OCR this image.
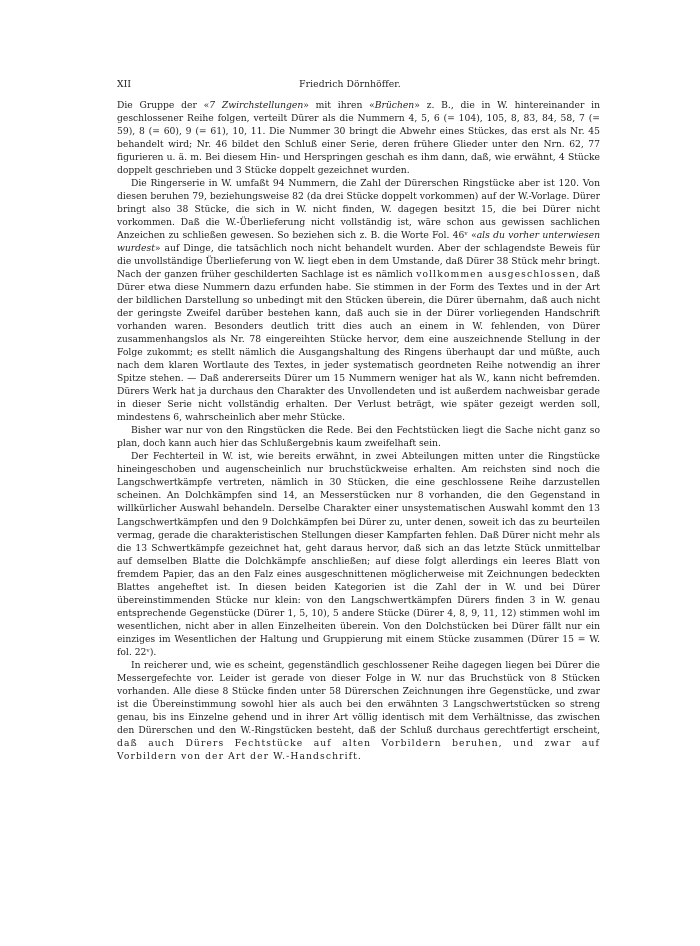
XII	Friedrich Dörnhöffer.

Die Gruppe der «7 Zwirchstellungen» mit ihren «Brüchen» z. B., die in W. hintereinander in geschlossener Reihe folgen, verteilt Dürer als die Nummern 4, 5, 6 (= 104), 105, 8, 83, 84, 58, 7 (= 59), 8 (= 60), 9 (= 61), 10, 11. Die Nummer 30 bringt die Abwehr eines Stückes, das erst als Nr. 45 behandelt wird; Nr. 46 bildet den Schluß einer Serie, deren frühere Glieder unter den Nrn. 62, 77 figurieren u. ä. m. Bei diesem Hin- und Herspringen geschah es ihm dann, daß, wie erwähnt, 4 Stücke doppelt geschrieben und 3 Stücke doppelt gezeichnet wurden.

Die Ringerserie in W. umfaßt 94 Nummern, die Zahl der Dürerschen Ringstücke aber ist 120. Von diesen beruhen 79, beziehungsweise 82 (da drei Stücke doppelt vorkommen) auf der W.-Vorlage. Dürer bringt also 38 Stücke, die sich in W. nicht finden, W. dagegen besitzt 15, die bei Dürer nicht vorkommen. Daß die W.-Überlieferung nicht vollständig ist, wäre schon aus gewissen sachlichen Anzeichen zu schließen gewesen. So beziehen sich z. B. die Worte Fol. 46ᵛ «als du vorher unterwiesen wurdest» auf Dinge, die tatsächlich noch nicht behandelt wurden. Aber der schlagendste Beweis für die unvollständige Überlieferung von W. liegt eben in dem Umstande, daß Dürer 38 Stück mehr bringt. Nach der ganzen früher geschilderten Sachlage ist es nämlich vollkommen ausgeschlossen, daß Dürer etwa diese Nummern dazu erfunden habe. Sie stimmen in der Form des Textes und in der Art der bildlichen Darstellung so unbedingt mit den Stücken überein, die Dürer übernahm, daß auch nicht der geringste Zweifel darüber bestehen kann, daß auch sie in der Dürer vorliegenden Handschrift vorhanden waren. Besonders deutlich tritt dies auch an einem in W. fehlenden, von Dürer zusammenhangslos als Nr. 78 eingereihten Stücke hervor, dem eine auszeichnende Stellung in der Folge zukommt; es stellt nämlich die Ausgangshaltung des Ringens überhaupt dar und müßte, auch nach dem klaren Wortlaute des Textes, in jeder systematisch geordneten Reihe notwendig an ihrer Spitze stehen. — Daß andererseits Dürer um 15 Nummern weniger hat als W., kann nicht befremden. Dürers Werk hat ja durchaus den Charakter des Unvollendeten und ist außerdem nachweisbar gerade in dieser Serie nicht vollständig erhalten. Der Verlust beträgt, wie später gezeigt werden soll, mindestens 6, wahrscheinlich aber mehr Stücke.

Bisher war nur von den Ringstücken die Rede. Bei den Fechtstücken liegt die Sache nicht ganz so plan, doch kann auch hier das Schlußergebnis kaum zweifelhaft sein.

Der Fechterteil in W. ist, wie bereits erwähnt, in zwei Abteilungen mitten unter die Ringstücke hineingeschoben und augenscheinlich nur bruchstückweise erhalten. Am reichsten sind noch die Langschwertkämpfe vertreten, nämlich in 30 Stücken, die eine geschlossene Reihe darzustellen scheinen. An Dolchkämpfen sind 14, an Messerstücken nur 8 vorhanden, die den Gegenstand in willkürlicher Auswahl behandeln. Derselbe Charakter einer unsystematischen Auswahl kommt den 13 Langschwertkämpfen und den 9 Dolchkämpfen bei Dürer zu, unter denen, soweit ich das zu beurteilen vermag, gerade die charakteristischen Stellungen dieser Kampfarten fehlen. Daß Dürer nicht mehr als die 13 Schwertkämpfe gezeichnet hat, geht daraus hervor, daß sich an das letzte Stück unmittelbar auf demselben Blatte die Dolchkämpfe anschließen; auf diese folgt allerdings ein leeres Blatt von fremdem Papier, das an den Falz eines ausgeschnittenen möglicherweise mit Zeichnungen bedeckten Blattes angeheftet ist. In diesen beiden Kategorien ist die Zahl der in W. und bei Dürer übereinstimmenden Stücke nur klein: von den Langschwertkämpfen Dürers finden 3 in W. genau entsprechende Gegenstücke (Dürer 1, 5, 10), 5 andere Stücke (Dürer 4, 8, 9, 11, 12) stimmen wohl im wesentlichen, nicht aber in allen Einzelheiten überein. Von den Dolchstücken bei Dürer fällt nur ein einziges im Wesentlichen der Haltung und Gruppierung mit einem Stücke zusammen (Dürer 15 = W. fol. 22ᵛ).

In reicherer und, wie es scheint, gegenständlich geschlossener Reihe dagegen liegen bei Dürer die Messergefechte vor. Leider ist gerade von dieser Folge in W. nur das Bruchstück von 8 Stücken vorhanden. Alle diese 8 Stücke finden unter 58 Dürerschen Zeichnungen ihre Gegenstücke, und zwar ist die Übereinstimmung sowohl hier als auch bei den erwähnten 3 Langschwertstücken so streng genau, bis ins Einzelne gehend und in ihrer Art völlig identisch mit dem Verhältnisse, das zwischen den Dürerschen und den W.-Ringstücken besteht, daß der Schluß durchaus gerechtfertigt erscheint, daß auch Dürers Fechtstücke auf alten Vorbildern beruhen, und zwar auf Vorbildern von der Art der W.-Handschrift.
